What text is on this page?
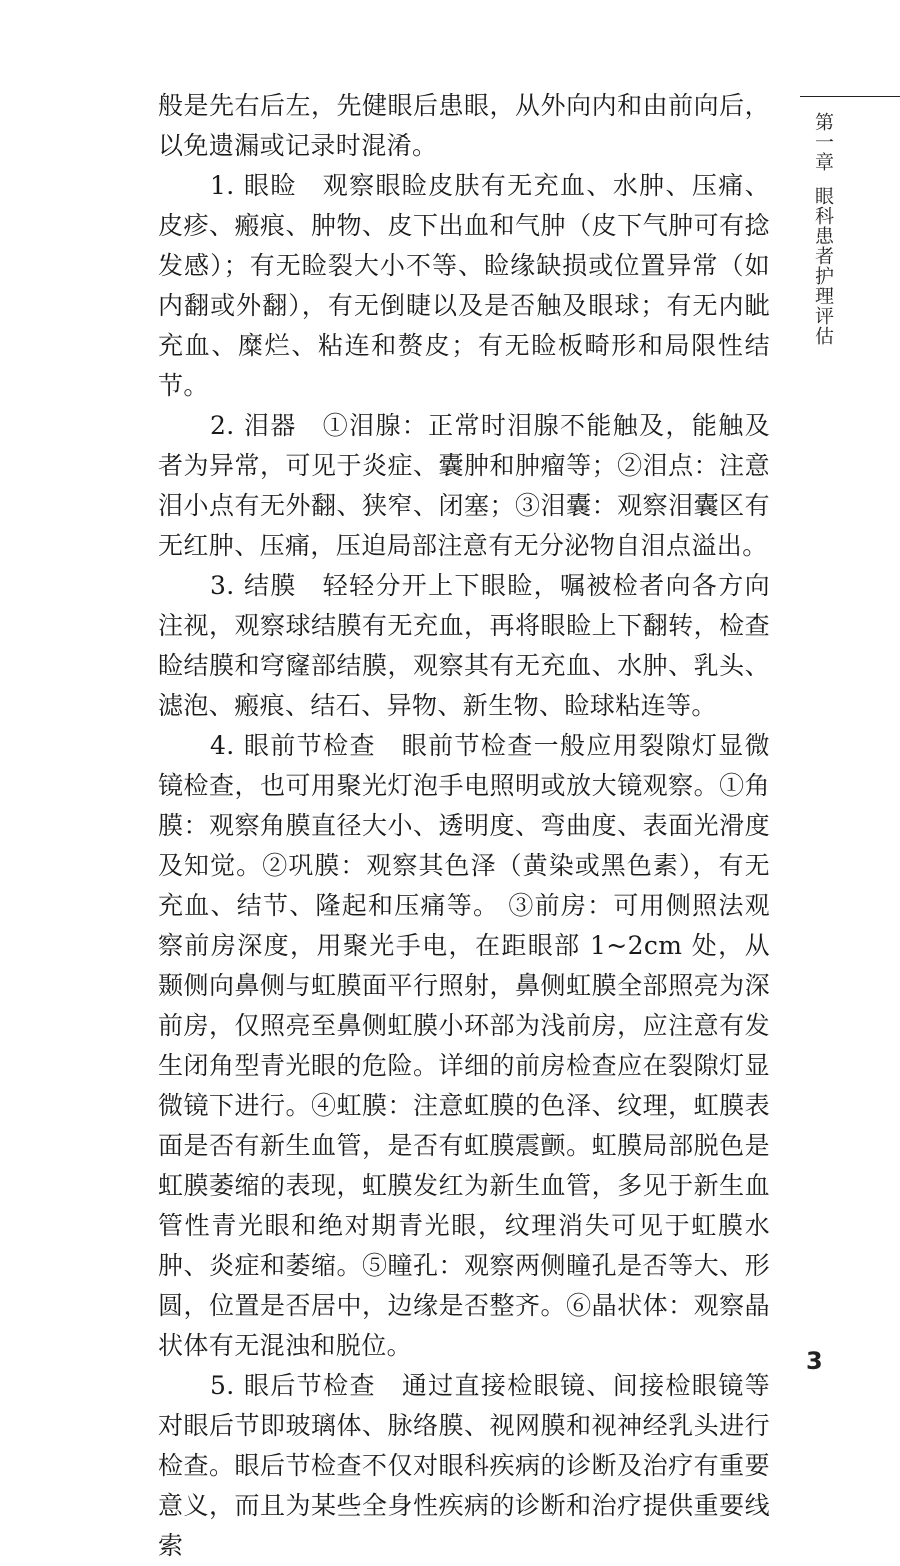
第一章眼科患者护理评估

般是先右后左，先健眼后患眼，从外向内和由前向后，以免遗漏或记录时混淆。

1. 眼睑 观察眼睑皮肤有无充血、水肿、压痛、皮疹、瘢痕、肿物、皮下出血和气肿（皮下气肿可有捻发感）；有无睑裂大小不等、睑缘缺损或位置异常（如内翻或外翻），有无倒睫以及是否触及眼球；有无内眦充血、糜烂、粘连和赘皮；有无睑板畸形和局限性结节。

2. 泪器 ①泪腺：正常时泪腺不能触及，能触及者为异常，可见于炎症、囊肿和肿瘤等；②泪点：注意泪小点有无外翻、狭窄、闭塞；③泪囊：观察泪囊区有无红肿、压痛，压迫局部注意有无分泌物自泪点溢出。

3. 结膜 轻轻分开上下眼睑，嘱被检者向各方向注视，观察球结膜有无充血，再将眼睑上下翻转，检查睑结膜和穹窿部结膜，观察其有无充血、水肿、乳头、滤泡、瘢痕、结石、异物、新生物、睑球粘连等。

4. 眼前节检查 眼前节检查一般应用裂隙灯显微镜检查，也可用聚光灯泡手电照明或放大镜观察。①角膜：观察角膜直径大小、透明度、弯曲度、表面光滑度及知觉。②巩膜：观察其色泽（黄染或黑色素），有无充血、结节、隆起和压痛等。 ③前房：可用侧照法观察前房深度，用聚光手电，在距眼部 1~2cm 处，从颞侧向鼻侧与虹膜面平行照射，鼻侧虹膜全部照亮为深前房，仅照亮至鼻侧虹膜小环部为浅前房，应注意有发生闭角型青光眼的危险。详细的前房检查应在裂隙灯显微镜下进行。④虹膜：注意虹膜的色泽、纹理，虹膜表面是否有新生血管，是否有虹膜震颤。虹膜局部脱色是虹膜萎缩的表现，虹膜发红为新生血管，多见于新生血管性青光眼和绝对期青光眼，纹理消失可见于虹膜水肿、炎症和萎缩。⑤瞳孔：观察两侧瞳孔是否等大、形圆，位置是否居中，边缘是否整齐。⑥晶状体：观察晶状体有无混浊和脱位。

5. 眼后节检查 通过直接检眼镜、间接检眼镜等对眼后节即玻璃体、脉络膜、视网膜和视神经乳头进行检查。眼后节检查不仅对眼科疾病的诊断及治疗有重要意义，而且为某些全身性疾病的诊断和治疗提供重要线索

3
